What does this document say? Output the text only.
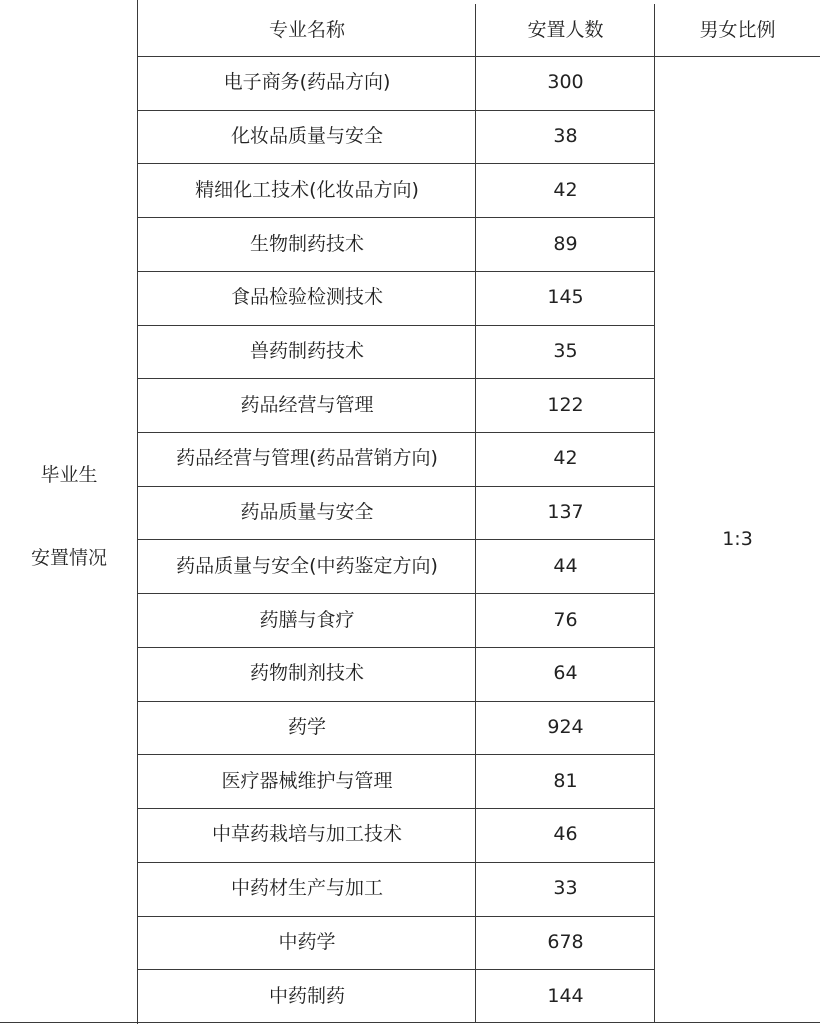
毕业生
安置情况
专业名称	安置人数	男女比例
电子商务(药品方向)	300
化妆品质量与安全	38
精细化工技术(化妆品方向)	42
生物制药技术	89
食品检验检测技术	145
兽药制药技术	35
药品经营与管理	122
药品经营与管理(药品营销方向)	42
药品质量与安全	137
药品质量与安全(中药鉴定方向)	44
药膳与食疗	76
药物制剂技术	64
药学	924
医疗器械维护与管理	81
中草药栽培与加工技术	46
中药材生产与加工	33
中药学	678
中药制药	144
1:3
